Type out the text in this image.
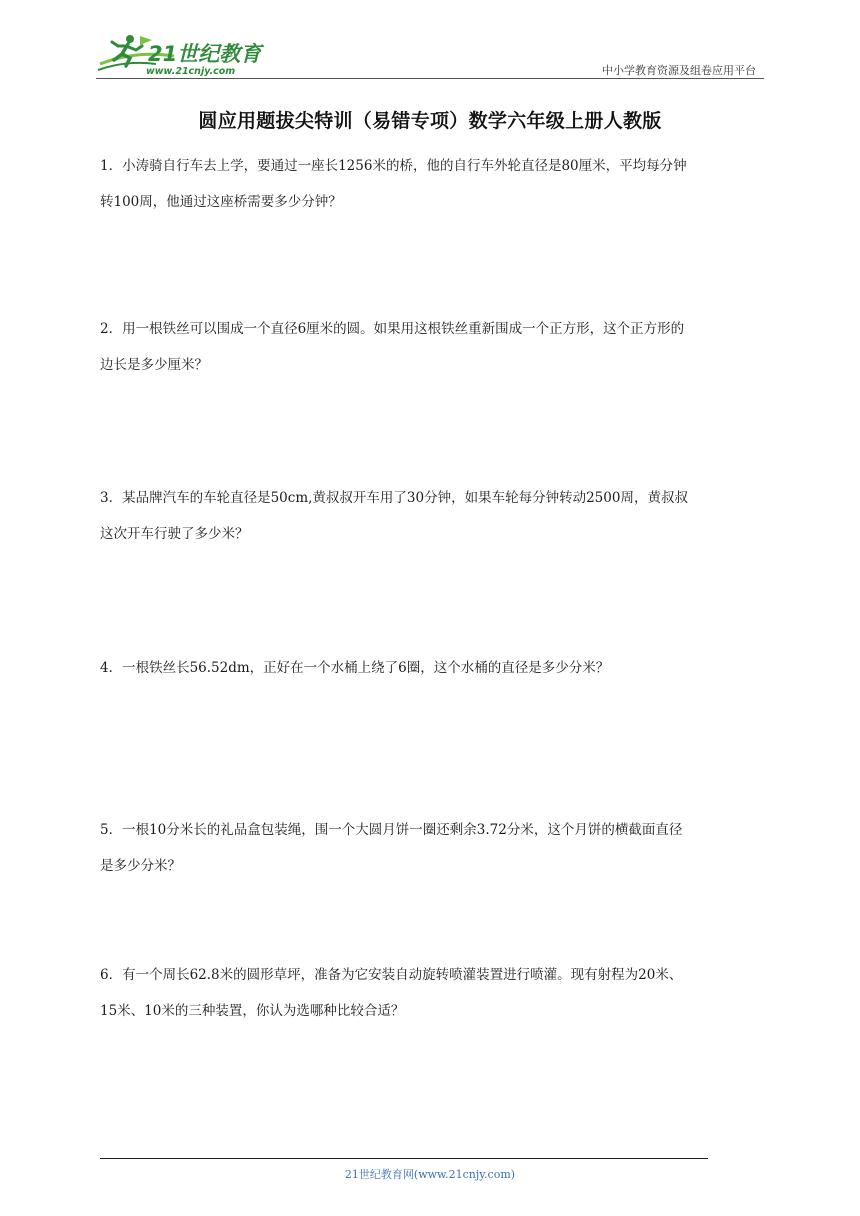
21世纪教育
www.21cnjy.com	中小学教育资源及组卷应用平台
圆应用题拔尖特训（易错专项）数学六年级上册人教版
1．小涛骑自行车去上学，要通过一座长1256米的桥，他的自行车外轮直径是80厘米，平均每分钟
转100周，他通过这座桥需要多少分钟？
2．用一根铁丝可以围成一个直径6厘米的圆。如果用这根铁丝重新围成一个正方形，这个正方形的
边长是多少厘米？
3．某品牌汽车的车轮直径是50cm,黄叔叔开车用了30分钟，如果车轮每分钟转动2500周，黄叔叔
这次开车行驶了多少米？
4．一根铁丝长56.52dm，正好在一个水桶上绕了6圈，这个水桶的直径是多少分米？
5．一根10分米长的礼品盒包装绳，围一个大圆月饼一圈还剩余3.72分米，这个月饼的横截面直径
是多少分米？
6．有一个周长62.8米的圆形草坪，准备为它安装自动旋转喷灌装置进行喷灌。现有射程为20米、
15米、10米的三种装置，你认为选哪种比较合适？
21世纪教育网(www.21cnjy.com)
